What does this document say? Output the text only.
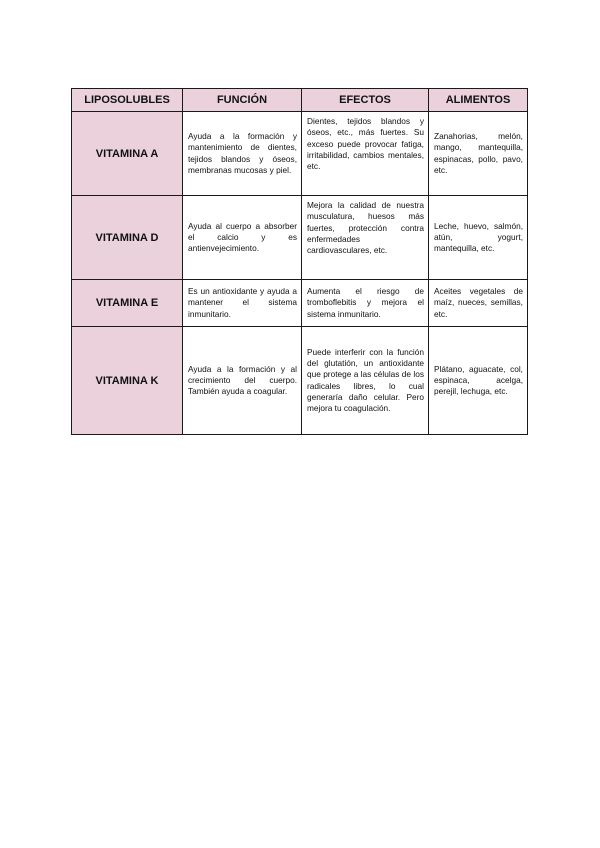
LIPOSOLUBLES	FUNCIÓN	EFECTOS	ALIMENTOS
VITAMINA A	Ayuda a la formación y mantenimiento de dientes, tejidos blandos y óseos, membranas mucosas y piel.	Dientes, tejidos blandos y óseos, etc., más fuertes. Su exceso puede provocar fatiga, irritabilidad, cambios mentales, etc.	Zanahorias, melón, mango, mantequilla, espinacas, pollo, pavo, etc.
VITAMINA D	Ayuda al cuerpo a absorber el calcio y es antienvejecimiento.	Mejora la calidad de nuestra musculatura, huesos más fuertes, protección contra enfermedades cardiovasculares, etc.	Leche, huevo, salmón, atún, yogurt, mantequilla, etc.
VITAMINA E	Es un antioxidante y ayuda a mantener el sistema inmunitario.	Aumenta el riesgo de tromboflebitis y mejora el sistema inmunitario.	Aceites vegetales de maíz, nueces, semillas, etc.
VITAMINA K	Ayuda a la formación y al crecimiento del cuerpo. También ayuda a coagular.	Puede interferir con la función del glutatión, un antioxidante que protege a las células de los radicales libres, lo cual generaría daño celular. Pero mejora tu coagulación.	Plátano, aguacate, col, espinaca, acelga, perejil, lechuga, etc.
